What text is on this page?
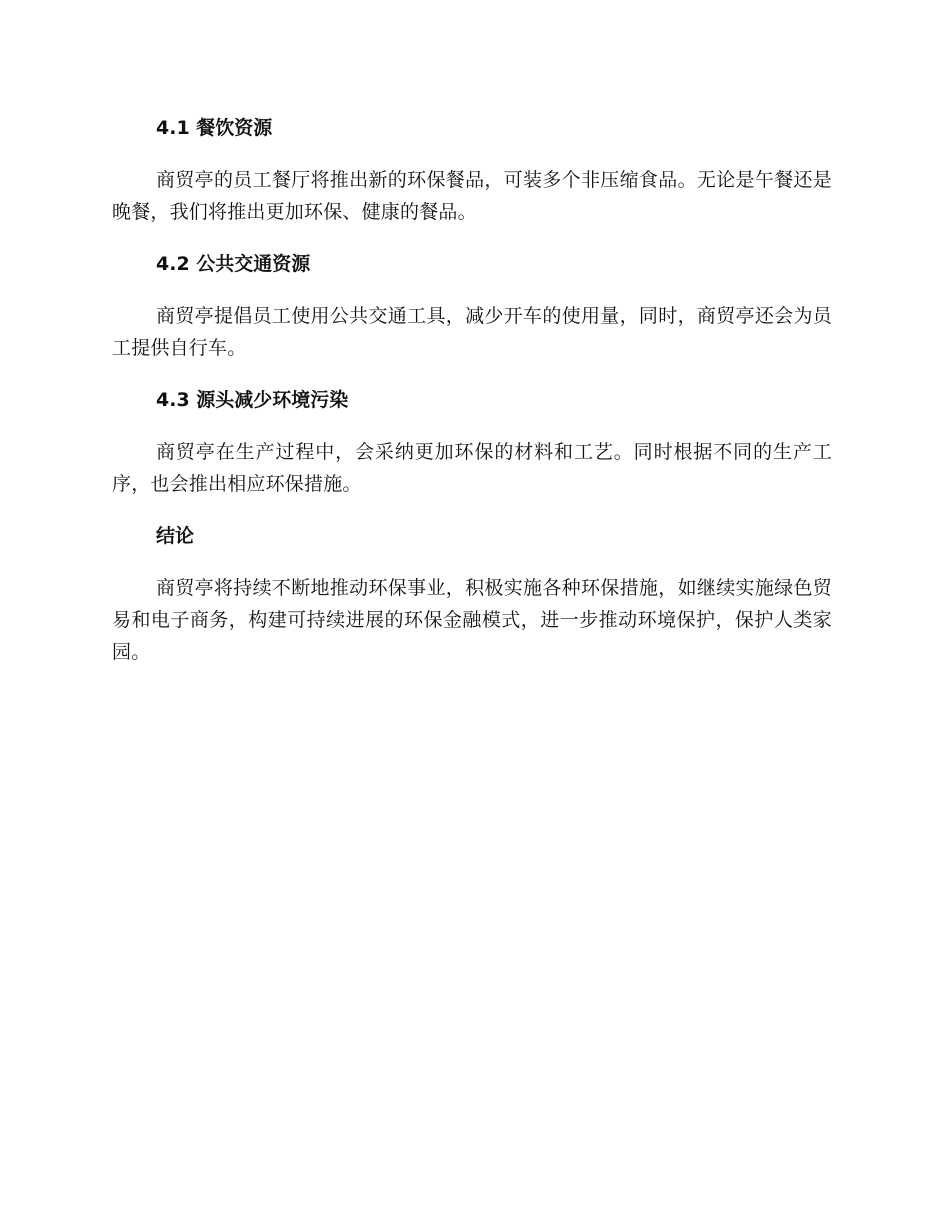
4.1 餐饮资源

商贸亭的员工餐厅将推出新的环保餐品，可装多个非压缩食品。无论是午餐还是晚餐，我们将推出更加环保、健康的餐品。

4.2 公共交通资源

商贸亭提倡员工使用公共交通工具，减少开车的使用量，同时，商贸亭还会为员工提供自行车。

4.3 源头减少环境污染

商贸亭在生产过程中，会采纳更加环保的材料和工艺。同时根据不同的生产工序，也会推出相应环保措施。

结论

商贸亭将持续不断地推动环保事业，积极实施各种环保措施，如继续实施绿色贸易和电子商务，构建可持续进展的环保金融模式，进一步推动环境保护，保护人类家园。
